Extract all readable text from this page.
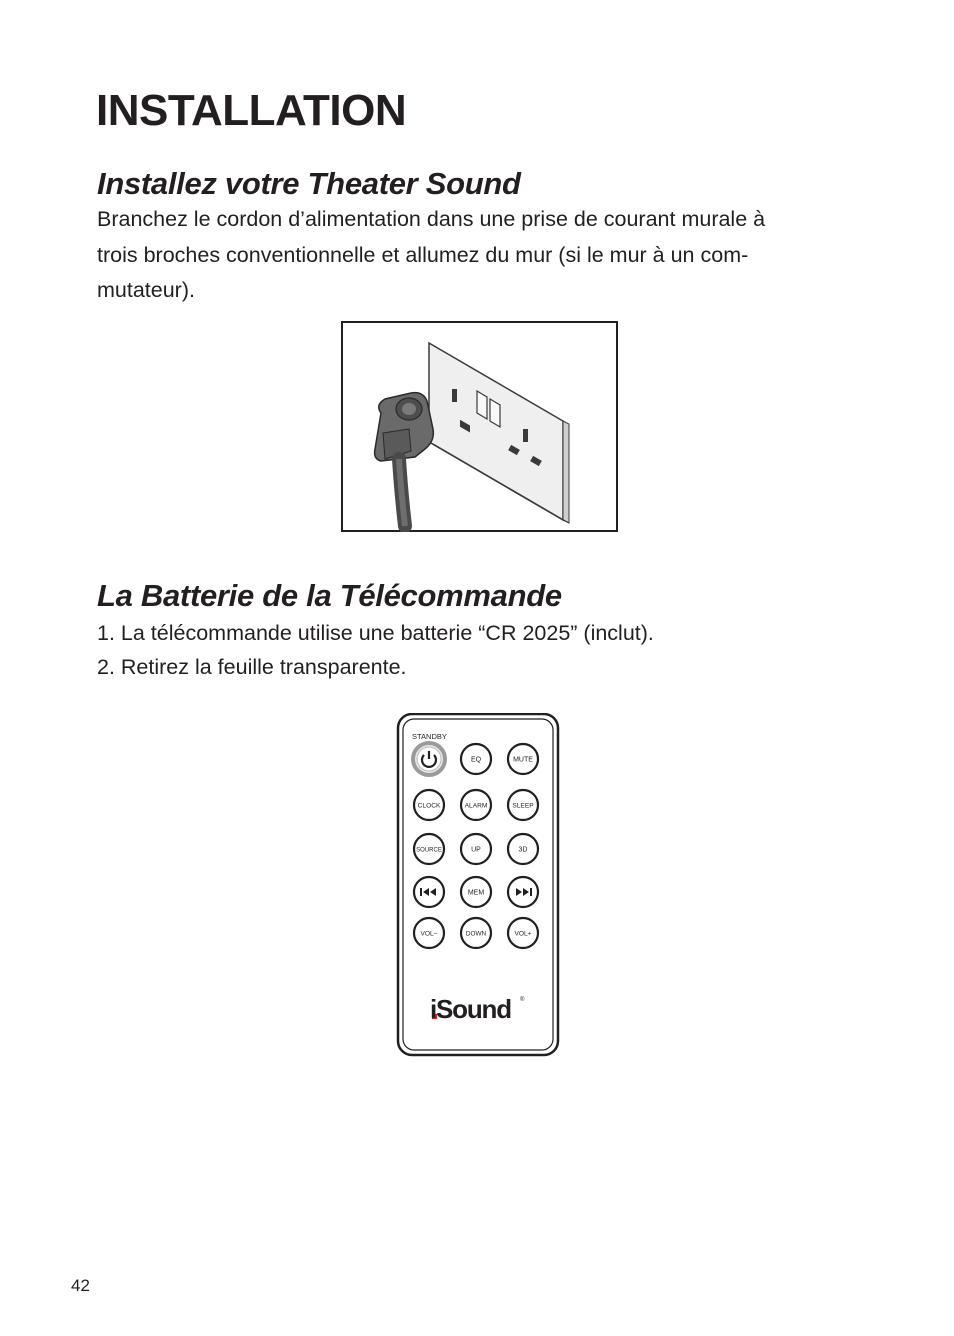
INSTALLATION
Installez votre Theater Sound

Branchez le cordon d’alimentation dans une prise de courant murale à
trois broches conventionnelle et allumez du mur (si le mur à un com-
mutateur).

La Batterie de la Télécommande

1. La télécommande utilise une batterie “CR 2025” (inclut).
2. Retirez la feuille transparente.

STANDBY
EQ	MUTE
CLOCK	ALARM	SLEEP
SOURCE	UP	3D
MEM
VOL−	DOWN	VOL+
iSound ®
42
